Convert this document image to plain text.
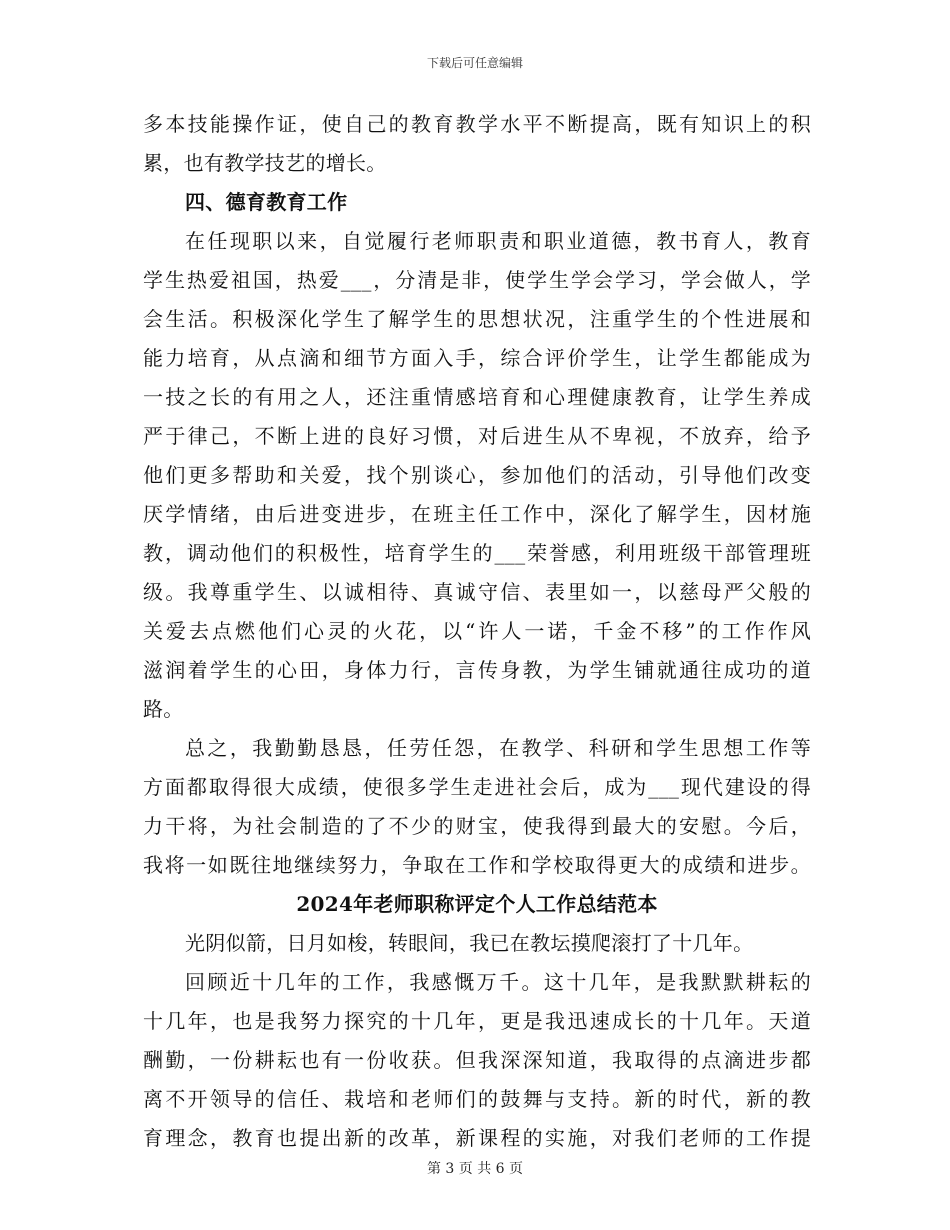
下载后可任意编辑
多本技能操作证，使自己的教育教学水平不断提高，既有知识上的积
累，也有教学技艺的增长。
四、德育教育工作
在任现职以来，自觉履行老师职责和职业道德，教书育人，教育
学生热爱祖国，热爱___，分清是非，使学生学会学习，学会做人，学
会生活。积极深化学生了解学生的思想状况，注重学生的个性进展和
能力培育，从点滴和细节方面入手，综合评价学生，让学生都能成为
一技之长的有用之人，还注重情感培育和心理健康教育，让学生养成
严于律己，不断上进的良好习惯，对后进生从不卑视，不放弃，给予
他们更多帮助和关爱，找个别谈心，参加他们的活动，引导他们改变
厌学情绪，由后进变进步，在班主任工作中，深化了解学生，因材施
教，调动他们的积极性，培育学生的___荣誉感，利用班级干部管理班
级。我尊重学生、以诚相待、真诚守信、表里如一，以慈母严父般的
关爱去点燃他们心灵的火花，以“许人一诺，千金不移”的工作作风
滋润着学生的心田，身体力行，言传身教，为学生铺就通往成功的道
路。
总之，我勤勤恳恳，任劳任怨，在教学、科研和学生思想工作等
方面都取得很大成绩，使很多学生走进社会后，成为___现代建设的得
力干将，为社会制造的了不少的财宝，使我得到最大的安慰。今后，
我将一如既往地继续努力，争取在工作和学校取得更大的成绩和进步。
2024年老师职称评定个人工作总结范本
光阴似箭，日月如梭，转眼间，我已在教坛摸爬滚打了十几年。
回顾近十几年的工作，我感慨万千。这十几年，是我默默耕耘的
十几年，也是我努力探究的十几年，更是我迅速成长的十几年。天道
酬勤，一份耕耘也有一份收获。但我深深知道，我取得的点滴进步都
离不开领导的信任、栽培和老师们的鼓舞与支持。新的时代，新的教
育理念，教育也提出新的改革，新课程的实施，对我们老师的工作提
第 3 页 共 6 页
